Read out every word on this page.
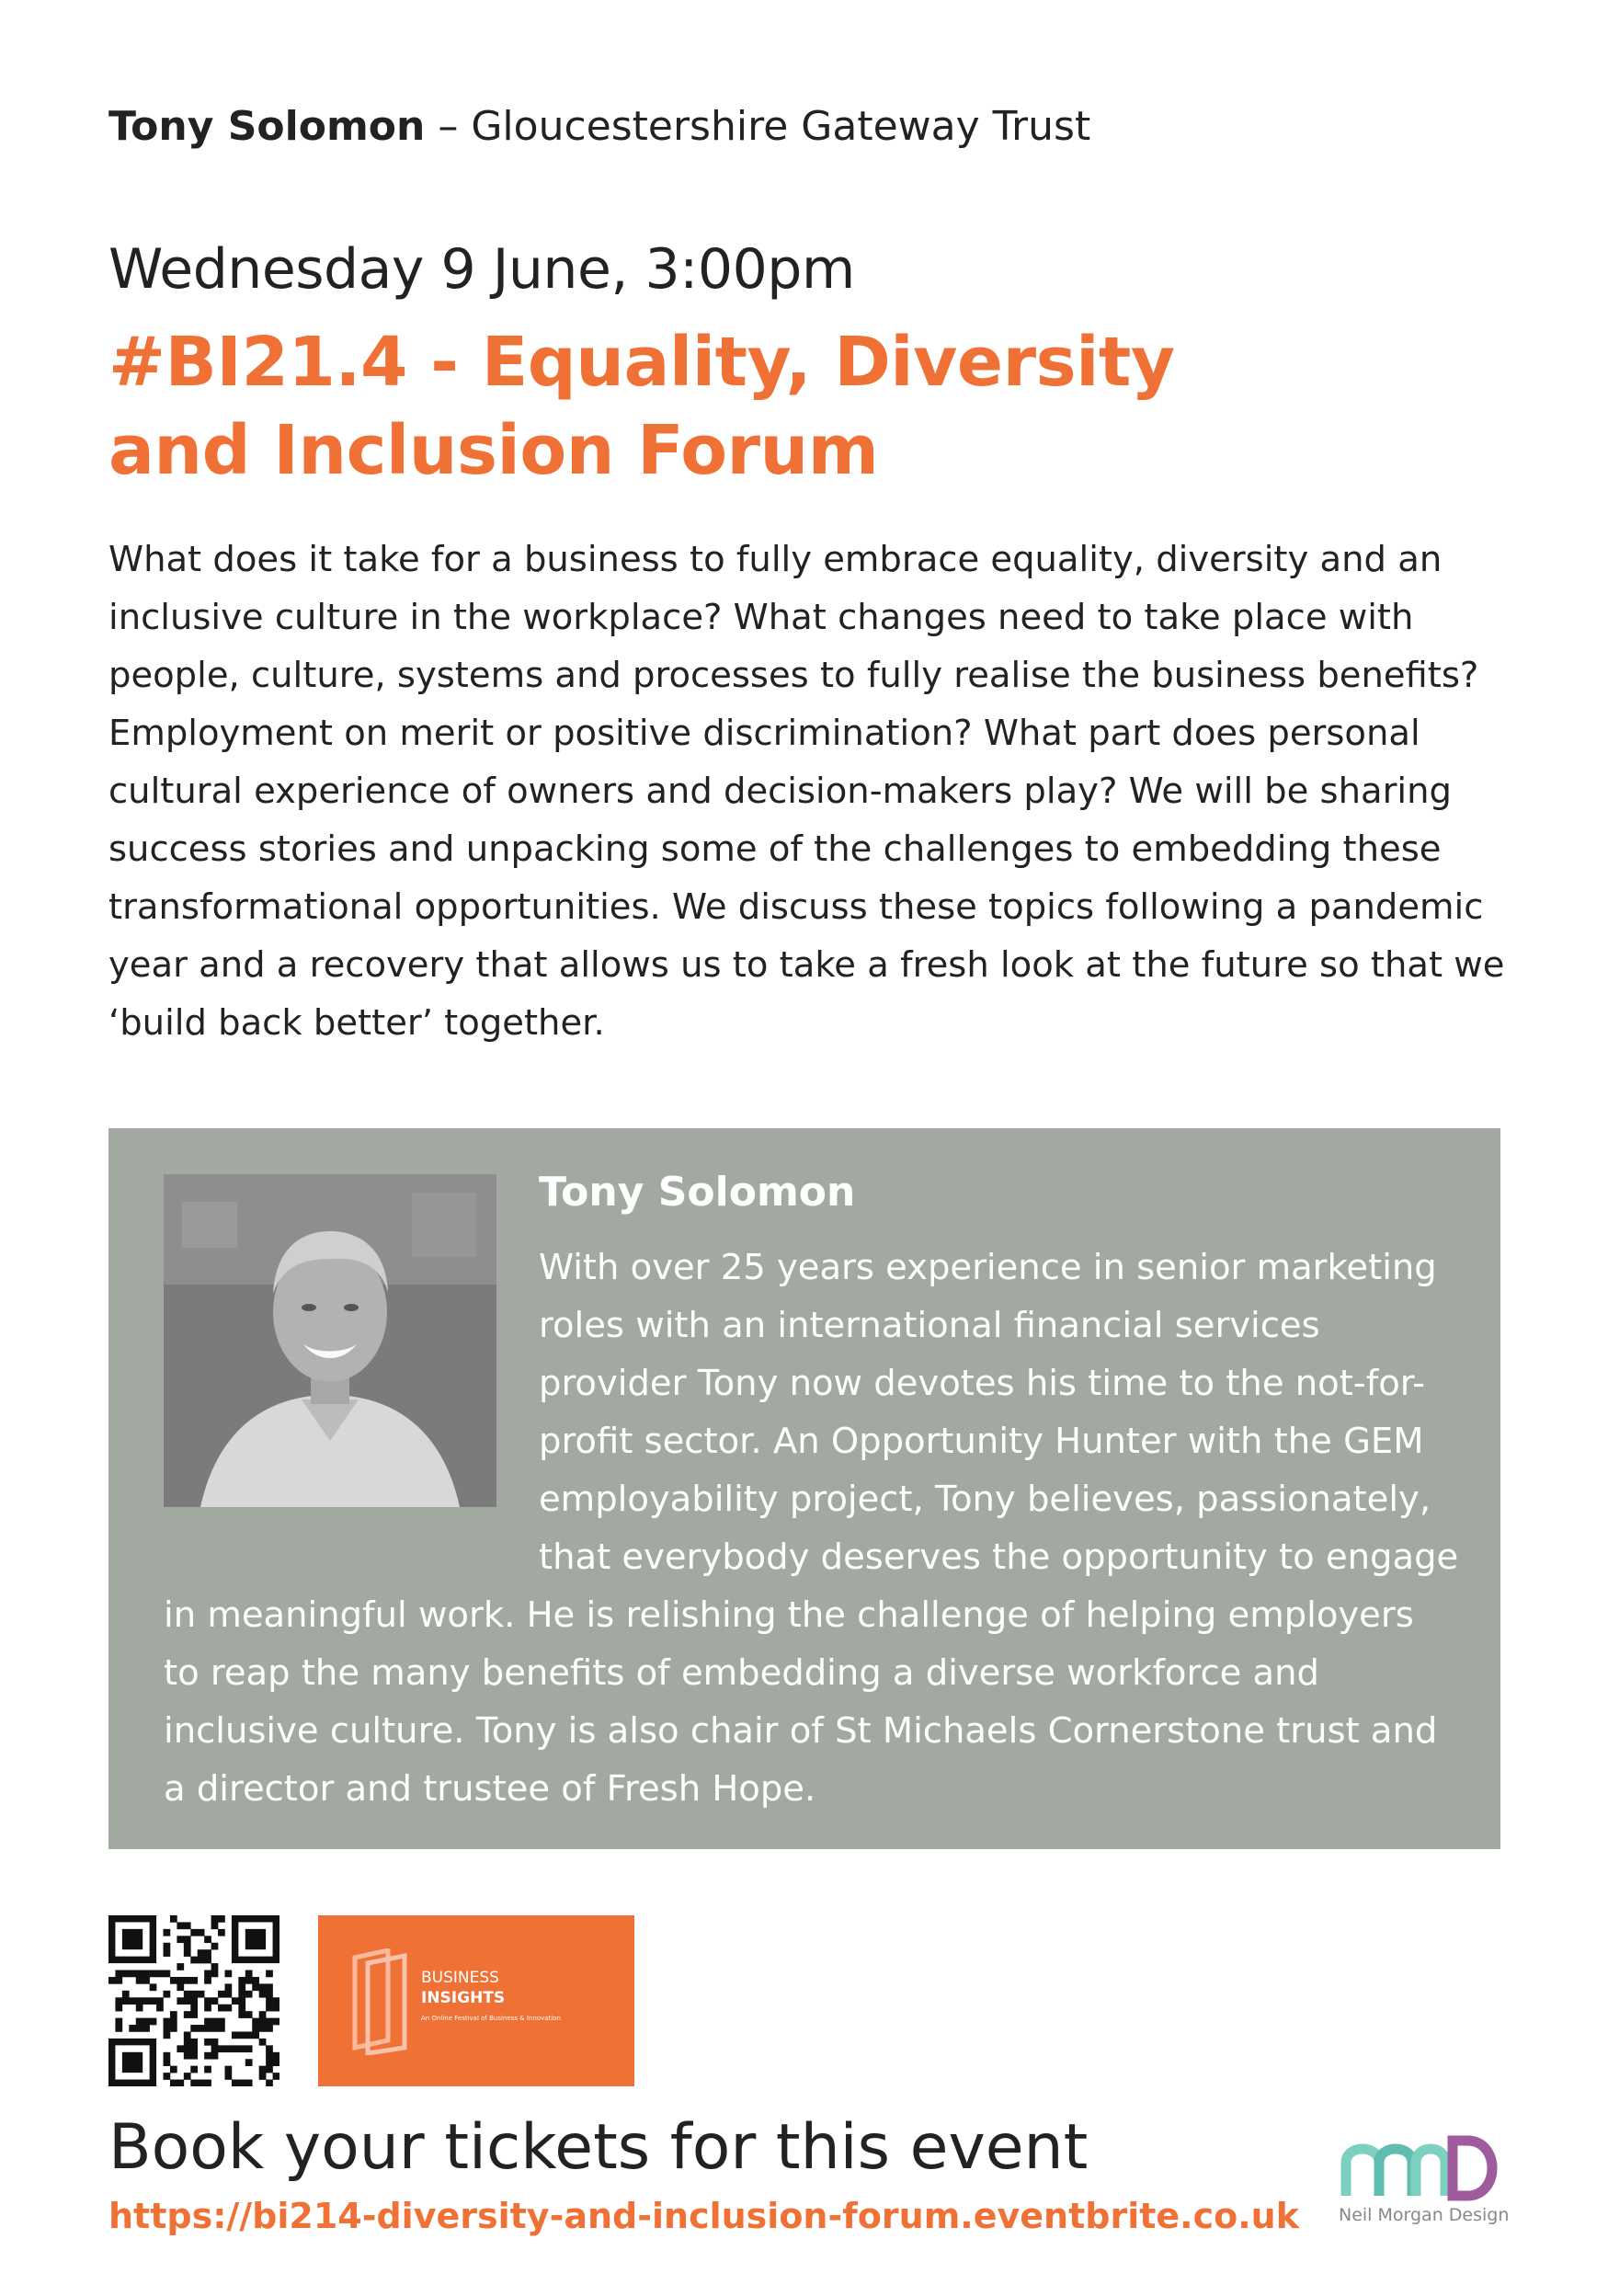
Tony Solomon – Gloucestershire Gateway Trust
Wednesday 9 June, 3:00pm
#BI21.4 - Equality, Diversity
and Inclusion Forum

What does it take for a business to fully embrace equality, diversity and an inclusive culture in the workplace? What changes need to take place with people, culture, systems and processes to fully realise the business benefits? Employment on merit or positive discrimination? What part does personal cultural experience of owners and decision-makers play? We will be sharing success stories and unpacking some of the challenges to embedding these transformational opportunities. We discuss these topics following a pandemic year and a recovery that allows us to take a fresh look at the future so that we ‘build back better’ together.

Tony Solomon

With over 25 years experience in senior marketing roles with an international financial services provider Tony now devotes his time to the not-for-profit sector. An Opportunity Hunter with the GEM employability project, Tony believes, passionately, that everybody deserves the opportunity to engage in meaningful work. He is relishing the challenge of helping employers to reap the many benefits of embedding a diverse workforce and inclusive culture. Tony is also chair of St Michaels Cornerstone trust and a director and trustee of Fresh Hope.

BUSINESS
INSIGHTS
An Online Festival of Business & Innovation
Book your tickets for this event
https://bi214-diversity-and-inclusion-forum.eventbrite.co.uk Neil Morgan Design
